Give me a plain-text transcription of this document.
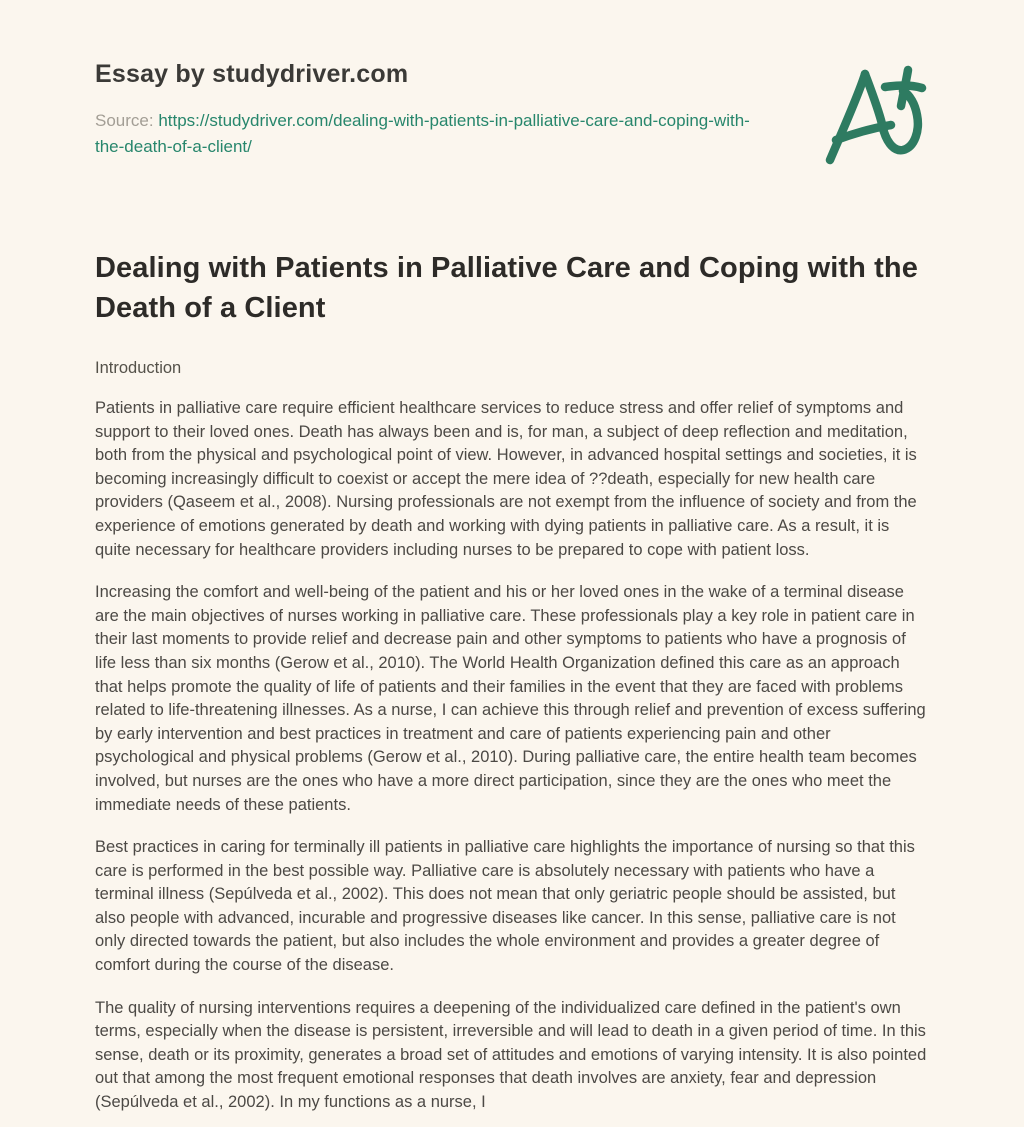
Essay by studydriver.com

Source: https://studydriver.com/dealing-with-patients-in-palliative-care-and-coping-with-the-death-of-a-client/

Dealing with Patients in Palliative Care and Coping with the Death of a Client
Introduction

Patients in palliative care require efficient healthcare services to reduce stress and offer relief of symptoms and support to their loved ones. Death has always been and is, for man, a subject of deep reflection and meditation, both from the physical and psychological point of view. However, in advanced hospital settings and societies, it is becoming increasingly difficult to coexist or accept the mere idea of ??death, especially for new health care providers (Qaseem et al., 2008). Nursing professionals are not exempt from the influence of society and from the experience of emotions generated by death and working with dying patients in palliative care. As a result, it is quite necessary for healthcare providers including nurses to be prepared to cope with patient loss.

Increasing the comfort and well-being of the patient and his or her loved ones in the wake of a terminal disease are the main objectives of nurses working in palliative care. These professionals play a key role in patient care in their last moments to provide relief and decrease pain and other symptoms to patients who have a prognosis of life less than six months (Gerow et al., 2010). The World Health Organization defined this care as an approach that helps promote the quality of life of patients and their families in the event that they are faced with problems related to life-threatening illnesses. As a nurse, I can achieve this through relief and prevention of excess suffering by early intervention and best practices in treatment and care of patients experiencing pain and other psychological and physical problems (Gerow et al., 2010). During palliative care, the entire health team becomes involved, but nurses are the ones who have a more direct participation, since they are the ones who meet the immediate needs of these patients.

Best practices in caring for terminally ill patients in palliative care highlights the importance of nursing so that this care is performed in the best possible way. Palliative care is absolutely necessary with patients who have a terminal illness (Sepúlveda et al., 2002). This does not mean that only geriatric people should be assisted, but also people with advanced, incurable and progressive diseases like cancer. In this sense, palliative care is not only directed towards the patient, but also includes the whole environment and provides a greater degree of comfort during the course of the disease.

The quality of nursing interventions requires a deepening of the individualized care defined in the patient's own terms, especially when the disease is persistent, irreversible and will lead to death in a given period of time. In this sense, death or its proximity, generates a broad set of attitudes and emotions of varying intensity. It is also pointed out that among the most frequent emotional responses that death involves are anxiety, fear and depression (Sepúlveda et al., 2002). In my functions as a nurse, I
